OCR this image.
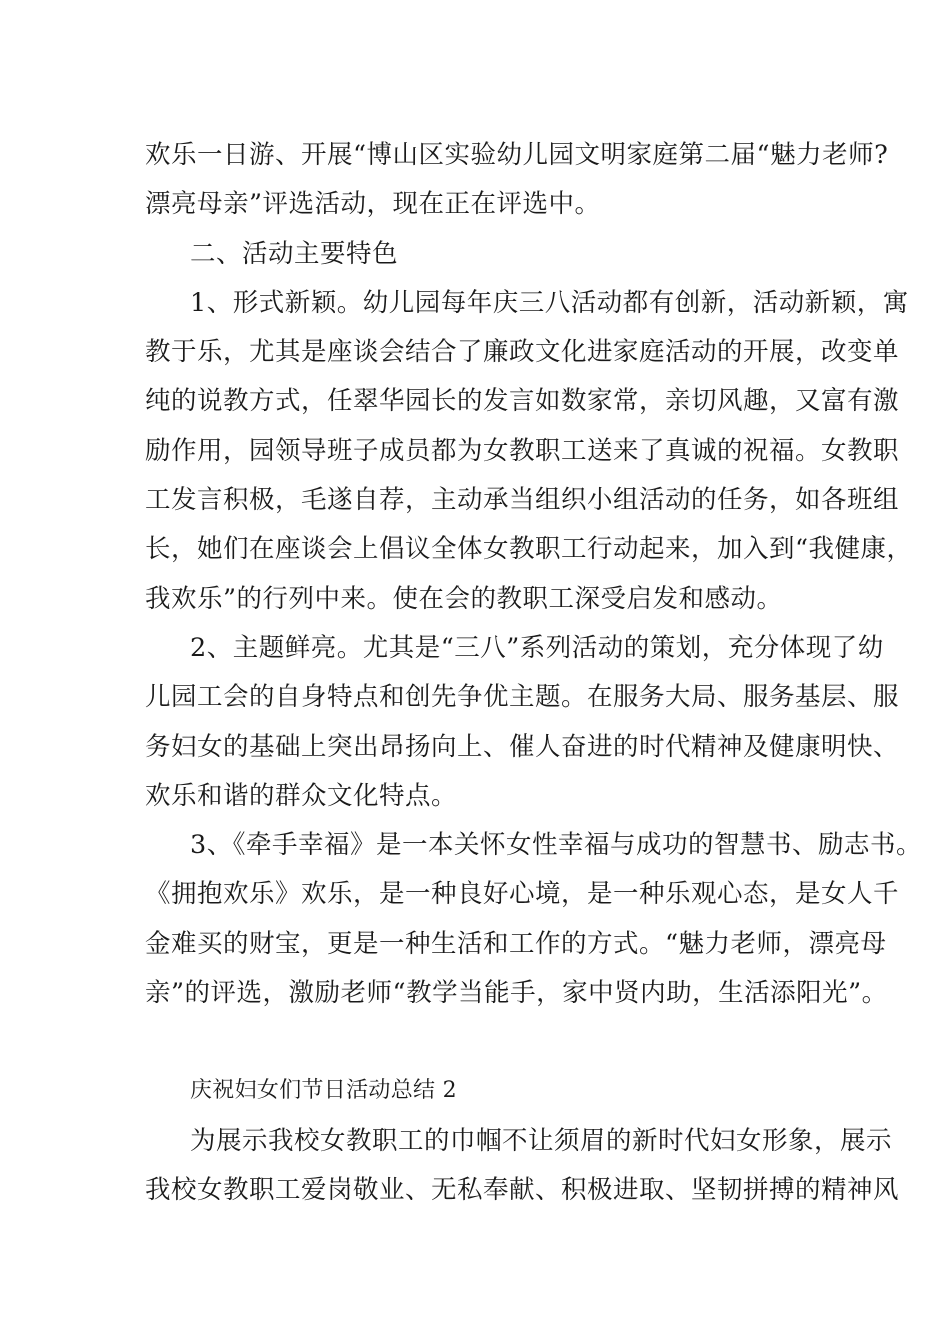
欢乐一日游、开展“博山区实验幼儿园文明家庭第二届“魅力老师?
漂亮母亲”评选活动，现在正在评选中。
二、活动主要特色
1、形式新颖。幼儿园每年庆三八活动都有创新，活动新颖，寓
教于乐，尤其是座谈会结合了廉政文化进家庭活动的开展，改变单
纯的说教方式，任翠华园长的发言如数家常，亲切风趣，又富有激
励作用，园领导班子成员都为女教职工送来了真诚的祝福。女教职
工发言积极，毛遂自荐，主动承当组织小组活动的任务，如各班组
长，她们在座谈会上倡议全体女教职工行动起来，加入到“我健康，
我欢乐”的行列中来。使在会的教职工深受启发和感动。
2、主题鲜亮。尤其是“三八”系列活动的策划，充分体现了幼
儿园工会的自身特点和创先争优主题。在服务大局、服务基层、服
务妇女的基础上突出昂扬向上、催人奋进的时代精神及健康明快、
欢乐和谐的群众文化特点。
3、《牵手幸福》是一本关怀女性幸福与成功的智慧书、励志书。
《拥抱欢乐》欢乐，是一种良好心境，是一种乐观心态，是女人千
金难买的财宝，更是一种生活和工作的方式。“魅力老师，漂亮母
亲”的评选，激励老师“教学当能手，家中贤内助，生活添阳光”。
庆祝妇女们节日活动总结 2
为展示我校女教职工的巾帼不让须眉的新时代妇女形象，展示
我校女教职工爱岗敬业、无私奉献、积极进取、坚韧拼搏的精神风
